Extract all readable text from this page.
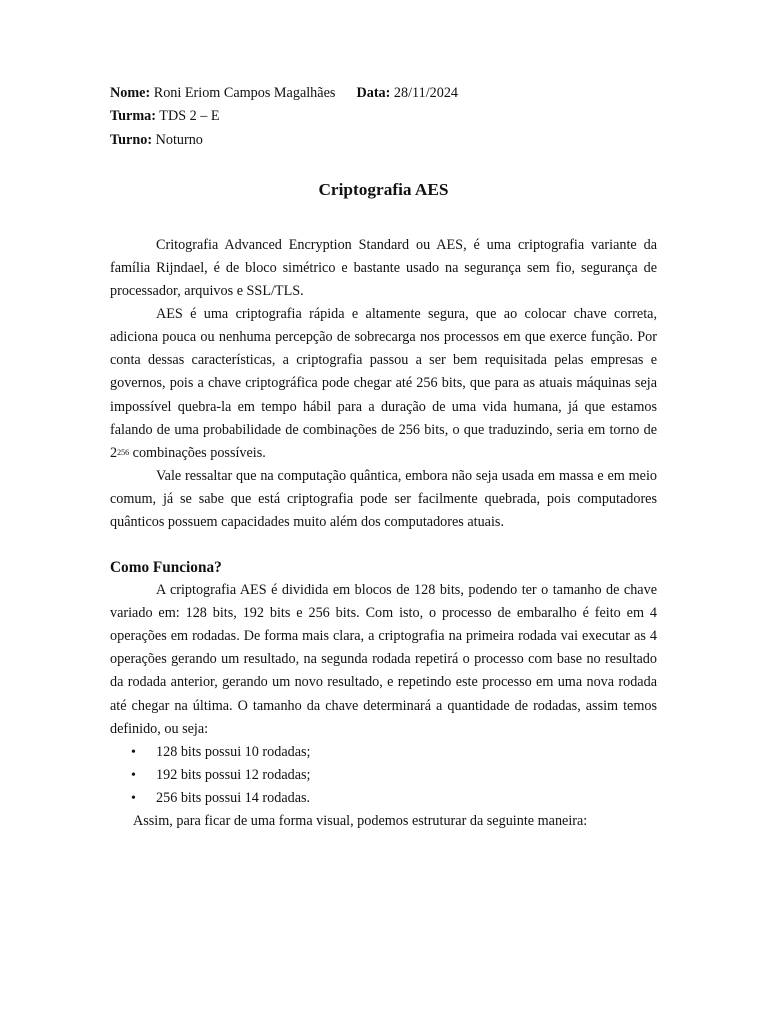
Nome: Roni Eriom Campos Magalhães Data: 28/11/2024
Turma: TDS 2 – E
Turno: Noturno
Criptografia AES

Critografia Advanced Encryption Standard ou AES, é uma criptografia variante da família Rijndael, é de bloco simétrico e bastante usado na segurança sem fio, segurança de processador, arquivos e SSL/TLS.

AES é uma criptografia rápida e altamente segura, que ao colocar chave correta, adiciona pouca ou nenhuma percepção de sobrecarga nos processos em que exerce função. Por conta dessas características, a criptografia passou a ser bem requisitada pelas empresas e governos, pois a chave criptográfica pode chegar até 256 bits, que para as atuais máquinas seja impossível quebra-la em tempo hábil para a duração de uma vida humana, já que estamos falando de uma probabilidade de combinações de 256 bits, o que traduzindo, seria em torno de $2^{256}$ combinações possíveis.

Vale ressaltar que na computação quântica, embora não seja usada em massa e em meio comum, já se sabe que está criptografia pode ser facilmente quebrada, pois computadores quânticos possuem capacidades muito além dos computadores atuais.

Como Funciona?

A criptografia AES é dividida em blocos de 128 bits, podendo ter o tamanho de chave variado em: 128 bits, 192 bits e 256 bits. Com isto, o processo de embaralho é feito em 4 operações em rodadas. De forma mais clara, a criptografia na primeira rodada vai executar as 4 operações gerando um resultado, na segunda rodada repetirá o processo com base no resultado da rodada anterior, gerando um novo resultado, e repetindo este processo em uma nova rodada até chegar na última. O tamanho da chave determinará a quantidade de rodadas, assim temos definido, ou seja:

• 128 bits possui 10 rodadas;
• 192 bits possui 12 rodadas;
• 256 bits possui 14 rodadas.

Assim, para ficar de uma forma visual, podemos estruturar da seguinte maneira:
